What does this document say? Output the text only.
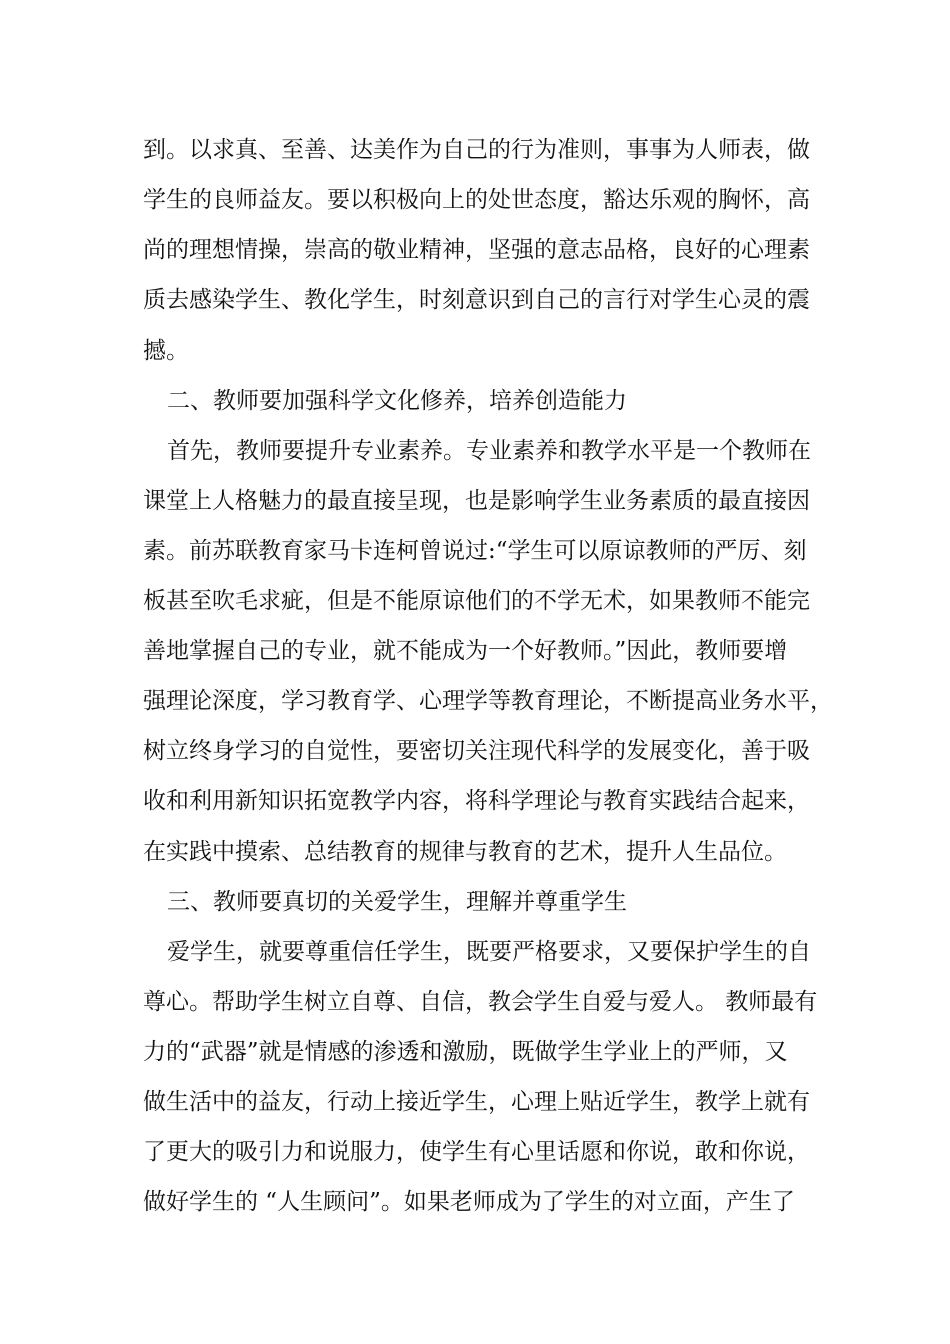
到。以求真、至善、达美作为自己的行为准则，事事为人师表，做
学生的良师益友。要以积极向上的处世态度，豁达乐观的胸怀，高
尚的理想情操，崇高的敬业精神，坚强的意志品格，良好的心理素
质去感染学生、教化学生，时刻意识到自己的言行对学生心灵的震
撼。
二、教师要加强科学文化修养，培养创造能力
首先，教师要提升专业素养。专业素养和教学水平是一个教师在
课堂上人格魅力的最直接呈现，也是影响学生业务素质的最直接因
素。前苏联教育家马卡连柯曾说过:“学生可以原谅教师的严厉、刻
板甚至吹毛求疵，但是不能原谅他们的不学无术，如果教师不能完
善地掌握自己的专业，就不能成为一个好教师。”因此，教师要增
强理论深度，学习教育学、心理学等教育理论，不断提高业务水平，
树立终身学习的自觉性，要密切关注现代科学的发展变化，善于吸
收和利用新知识拓宽教学内容，将科学理论与教育实践结合起来，
在实践中摸索、总结教育的规律与教育的艺术，提升人生品位。
三、教师要真切的关爱学生，理解并尊重学生
爱学生，就要尊重信任学生，既要严格要求，又要保护学生的自
尊心。帮助学生树立自尊、自信，教会学生自爱与爱人。 教师最有
力的“武器”就是情感的渗透和激励，既做学生学业上的严师，又
做生活中的益友，行动上接近学生，心理上贴近学生，教学上就有
了更大的吸引力和说服力，使学生有心里话愿和你说，敢和你说，
做好学生的 “人生顾问”。如果老师成为了学生的对立面，产生了
